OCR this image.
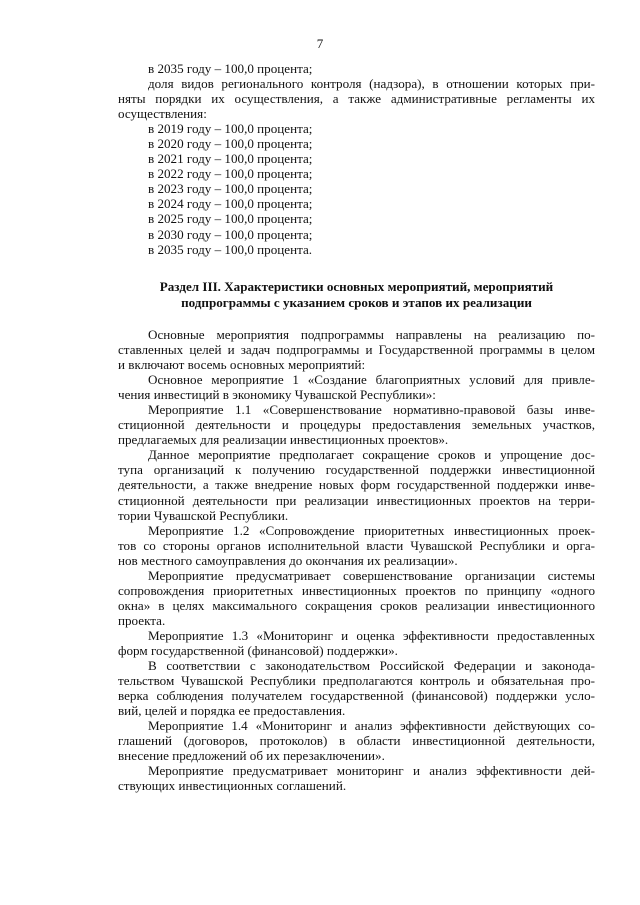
7
в 2035 году – 100,0 процента;
доля видов регионального контроля (надзора), в отношении которых при-
няты порядки их осуществления, а также административные регламенты их
осуществления:
в 2019 году – 100,0 процента;
в 2020 году – 100,0 процента;
в 2021 году – 100,0 процента;
в 2022 году – 100,0 процента;
в 2023 году – 100,0 процента;
в 2024 году – 100,0 процента;
в 2025 году – 100,0 процента;
в 2030 году – 100,0 процента;
в 2035 году – 100,0 процента.
Раздел III. Характеристики основных мероприятий, мероприятий
подпрограммы с указанием сроков и этапов их реализации
Основные мероприятия подпрограммы направлены на реализацию по-
ставленных целей и задач подпрограммы и Государственной программы в целом
и включают восемь основных мероприятий:
Основное мероприятие 1 «Создание благоприятных условий для привле-
чения инвестиций в экономику Чувашской Республики»:
Мероприятие 1.1 «Совершенствование нормативно-правовой базы инве-
стиционной деятельности и процедуры предоставления земельных участков,
предлагаемых для реализации инвестиционных проектов».
Данное мероприятие предполагает сокращение сроков и упрощение дос-
тупа организаций к получению государственной поддержки инвестиционной
деятельности, а также внедрение новых форм государственной поддержки инве-
стиционной деятельности при реализации инвестиционных проектов на терри-
тории Чувашской Республики.
Мероприятие 1.2 «Сопровождение приоритетных инвестиционных проек-
тов со стороны органов исполнительной власти Чувашской Республики и орга-
нов местного самоуправления до окончания их реализации».
Мероприятие предусматривает совершенствование организации системы
сопровождения приоритетных инвестиционных проектов по принципу «одного
окна» в целях максимального сокращения сроков реализации инвестиционного
проекта.
Мероприятие 1.3 «Мониторинг и оценка эффективности предоставленных
форм государственной (финансовой) поддержки».
В соответствии с законодательством Российской Федерации и законода-
тельством Чувашской Республики предполагаются контроль и обязательная про-
верка соблюдения получателем государственной (финансовой) поддержки усло-
вий, целей и порядка ее предоставления.
Мероприятие 1.4 «Мониторинг и анализ эффективности действующих со-
глашений (договоров, протоколов) в области инвестиционной деятельности,
внесение предложений об их перезаключении».
Мероприятие предусматривает мониторинг и анализ эффективности дей-
ствующих инвестиционных соглашений.
